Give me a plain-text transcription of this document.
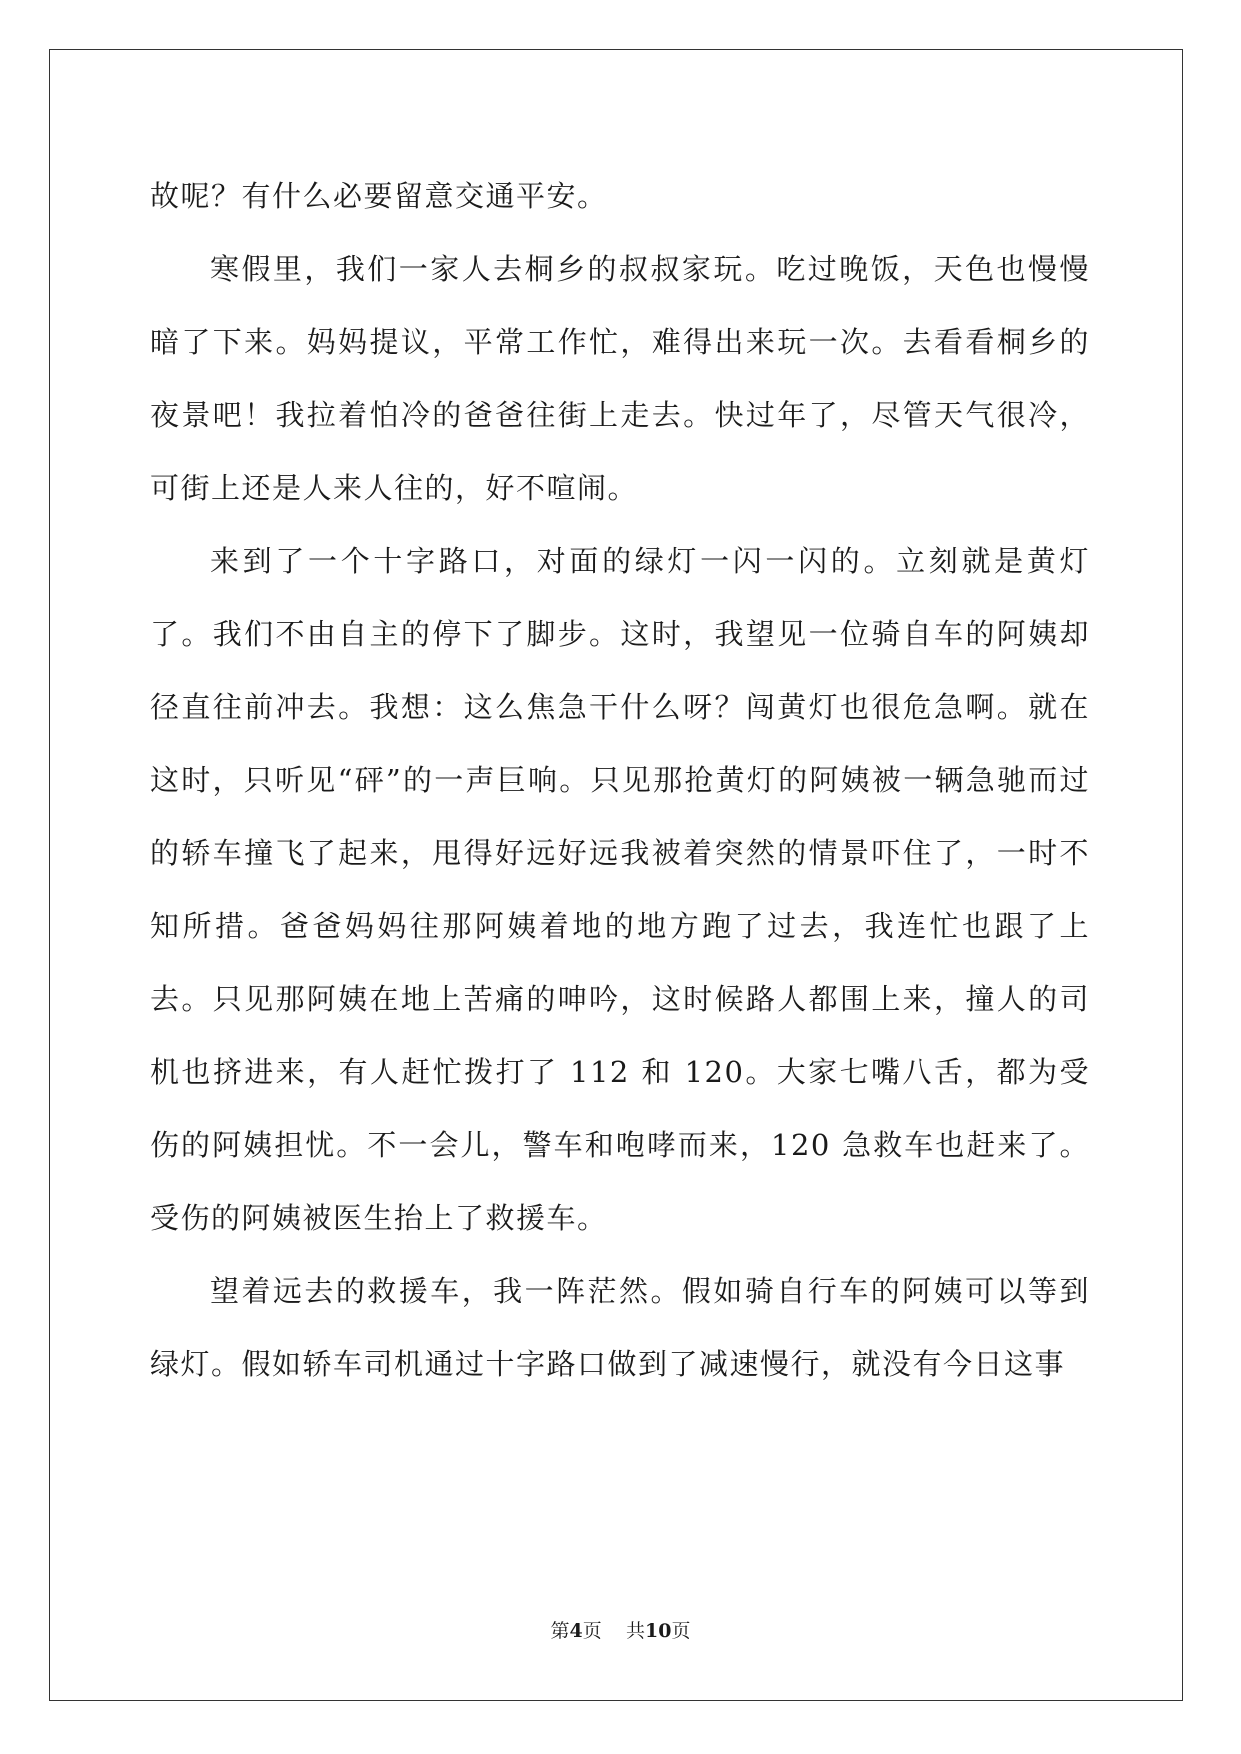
故呢？有什么必要留意交通平安。

寒假里，我们一家人去桐乡的叔叔家玩。吃过晚饭，天色也慢慢暗了下来。妈妈提议，平常工作忙，难得出来玩一次。去看看桐乡的夜景吧！我拉着怕冷的爸爸往街上走去。快过年了，尽管天气很冷，可街上还是人来人往的，好不喧闹。

来到了一个十字路口，对面的绿灯一闪一闪的。立刻就是黄灯了。我们不由自主的停下了脚步。这时，我望见一位骑自车的阿姨却径直往前冲去。我想：这么焦急干什么呀？闯黄灯也很危急啊。就在这时，只听见“砰”的一声巨响。只见那抢黄灯的阿姨被一辆急驰而过的轿车撞飞了起来，甩得好远好远我被着突然的情景吓住了，一时不知所措。爸爸妈妈往那阿姨着地的地方跑了过去，我连忙也跟了上去。只见那阿姨在地上苦痛的呻吟，这时候路人都围上来，撞人的司机也挤进来，有人赶忙拨打了 112 和 120。大家七嘴八舌，都为受伤的阿姨担忧。不一会儿，警车和咆哮而来，120 急救车也赶来了。受伤的阿姨被医生抬上了救援车。

望着远去的救援车，我一阵茫然。假如骑自行车的阿姨可以等到绿灯。假如轿车司机通过十字路口做到了减速慢行，就没有今日这事

第4页 共10页
